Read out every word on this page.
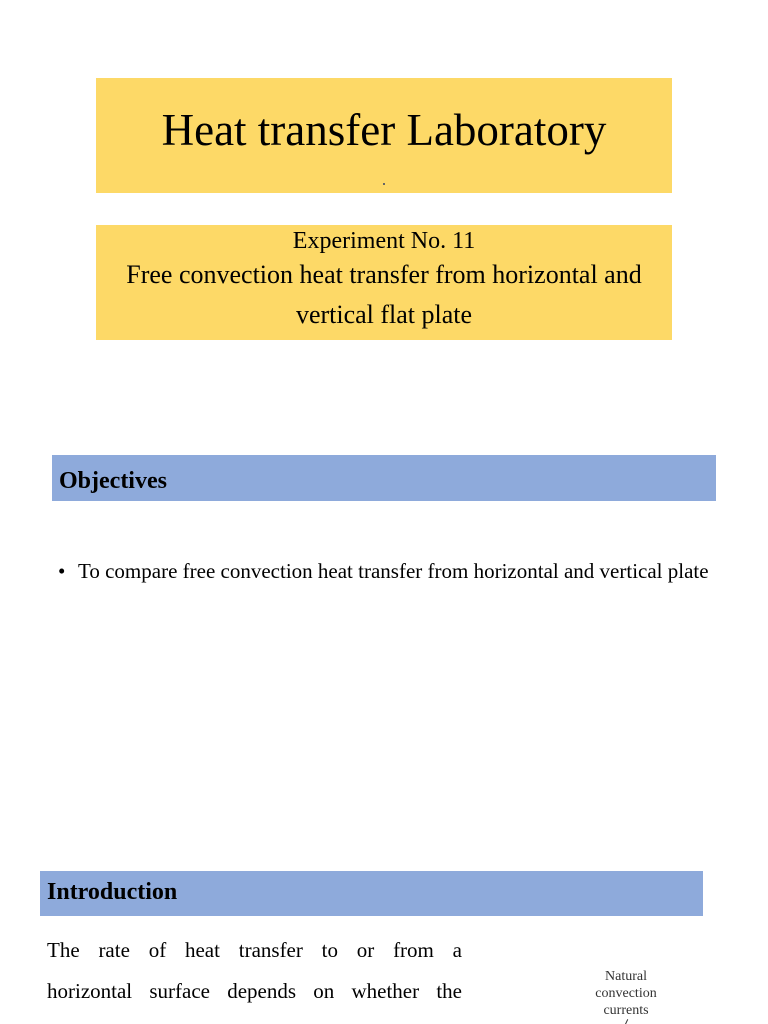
Heat transfer Laboratory
Experiment No. 11
Free convection heat transfer from horizontal and vertical flat plate
Objectives
• To compare free convection heat transfer from horizontal and vertical plate
Introduction
The rate of heat transfer to or from a
horizontal surface depends on whether the
Natural
convection
currents
